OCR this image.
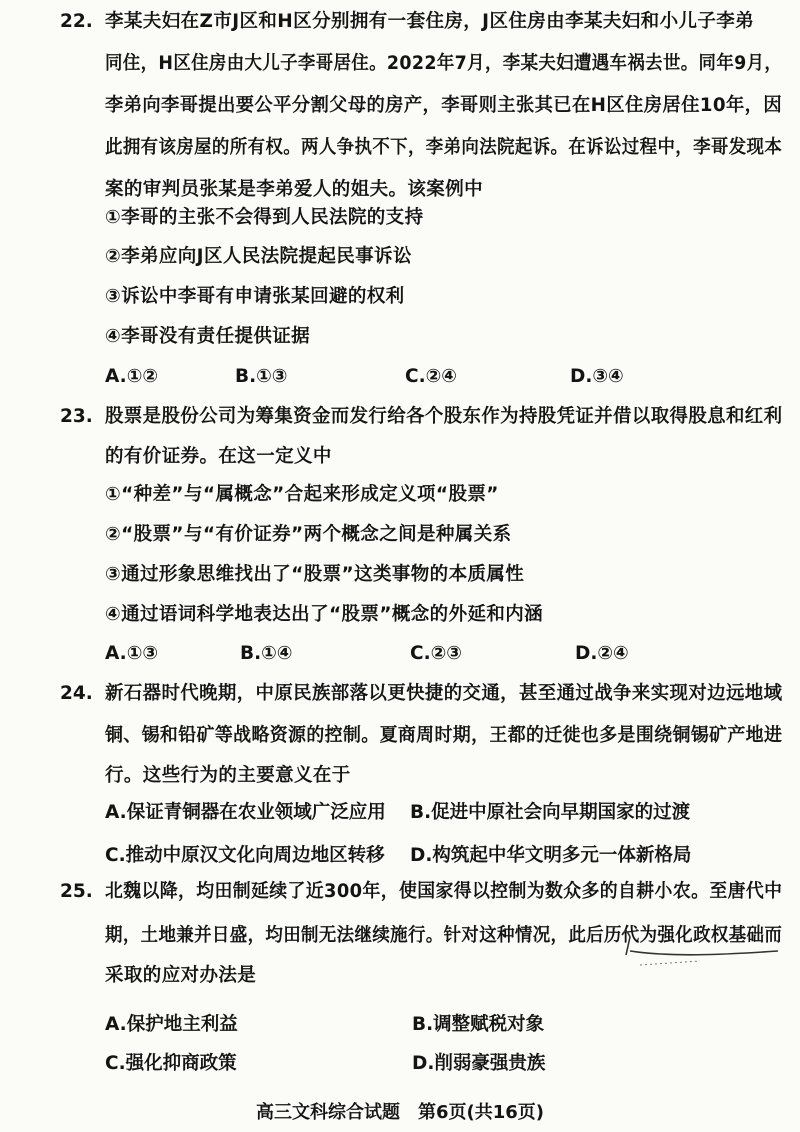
22. 李某夫妇在Z市J区和H区分别拥有一套住房，J区住房由李某夫妇和小儿子李弟
同住，H区住房由大儿子李哥居住。2022年7月，李某夫妇遭遇车祸去世。同年9月，
李弟向李哥提出要公平分割父母的房产，李哥则主张其已在H区住房居住10年，因
此拥有该房屋的所有权。两人争执不下，李弟向法院起诉。在诉讼过程中，李哥发现本
案的审判员张某是李弟爱人的姐夫。该案例中
①李哥的主张不会得到人民法院的支持
②李弟应向J区人民法院提起民事诉讼
③诉讼中李哥有申请张某回避的权利
④李哥没有责任提供证据
A.①②	B.①③	C.②④	D.③④
23. 股票是股份公司为筹集资金而发行给各个股东作为持股凭证并借以取得股息和红利
的有价证券。在这一定义中
①“种差”与“属概念”合起来形成定义项“股票”
②“股票”与“有价证券”两个概念之间是种属关系
③通过形象思维找出了“股票”这类事物的本质属性
④通过语词科学地表达出了“股票”概念的外延和内涵
A.①③	B.①④	C.②③	D.②④
24. 新石器时代晚期，中原民族部落以更快捷的交通，甚至通过战争来实现对边远地域
铜、锡和铅矿等战略资源的控制。夏商周时期，王都的迁徙也多是围绕铜锡矿产地进
行。这些行为的主要意义在于
A.保证青铜器在农业领域广泛应用 B.促进中原社会向早期国家的过渡
C.推动中原汉文化向周边地区转移 D.构筑起中华文明多元一体新格局
25. 北魏以降，均田制延续了近300年，使国家得以控制为数众多的自耕小农。至唐代中
期，土地兼并日盛，均田制无法继续施行。针对这种情况，此后历代为强化政权基础而
采取的应对办法是
A.保护地主利益	B.调整赋税对象
C.强化抑商政策	D.削弱豪强贵族
高三文科综合试题　第6页(共16页)
